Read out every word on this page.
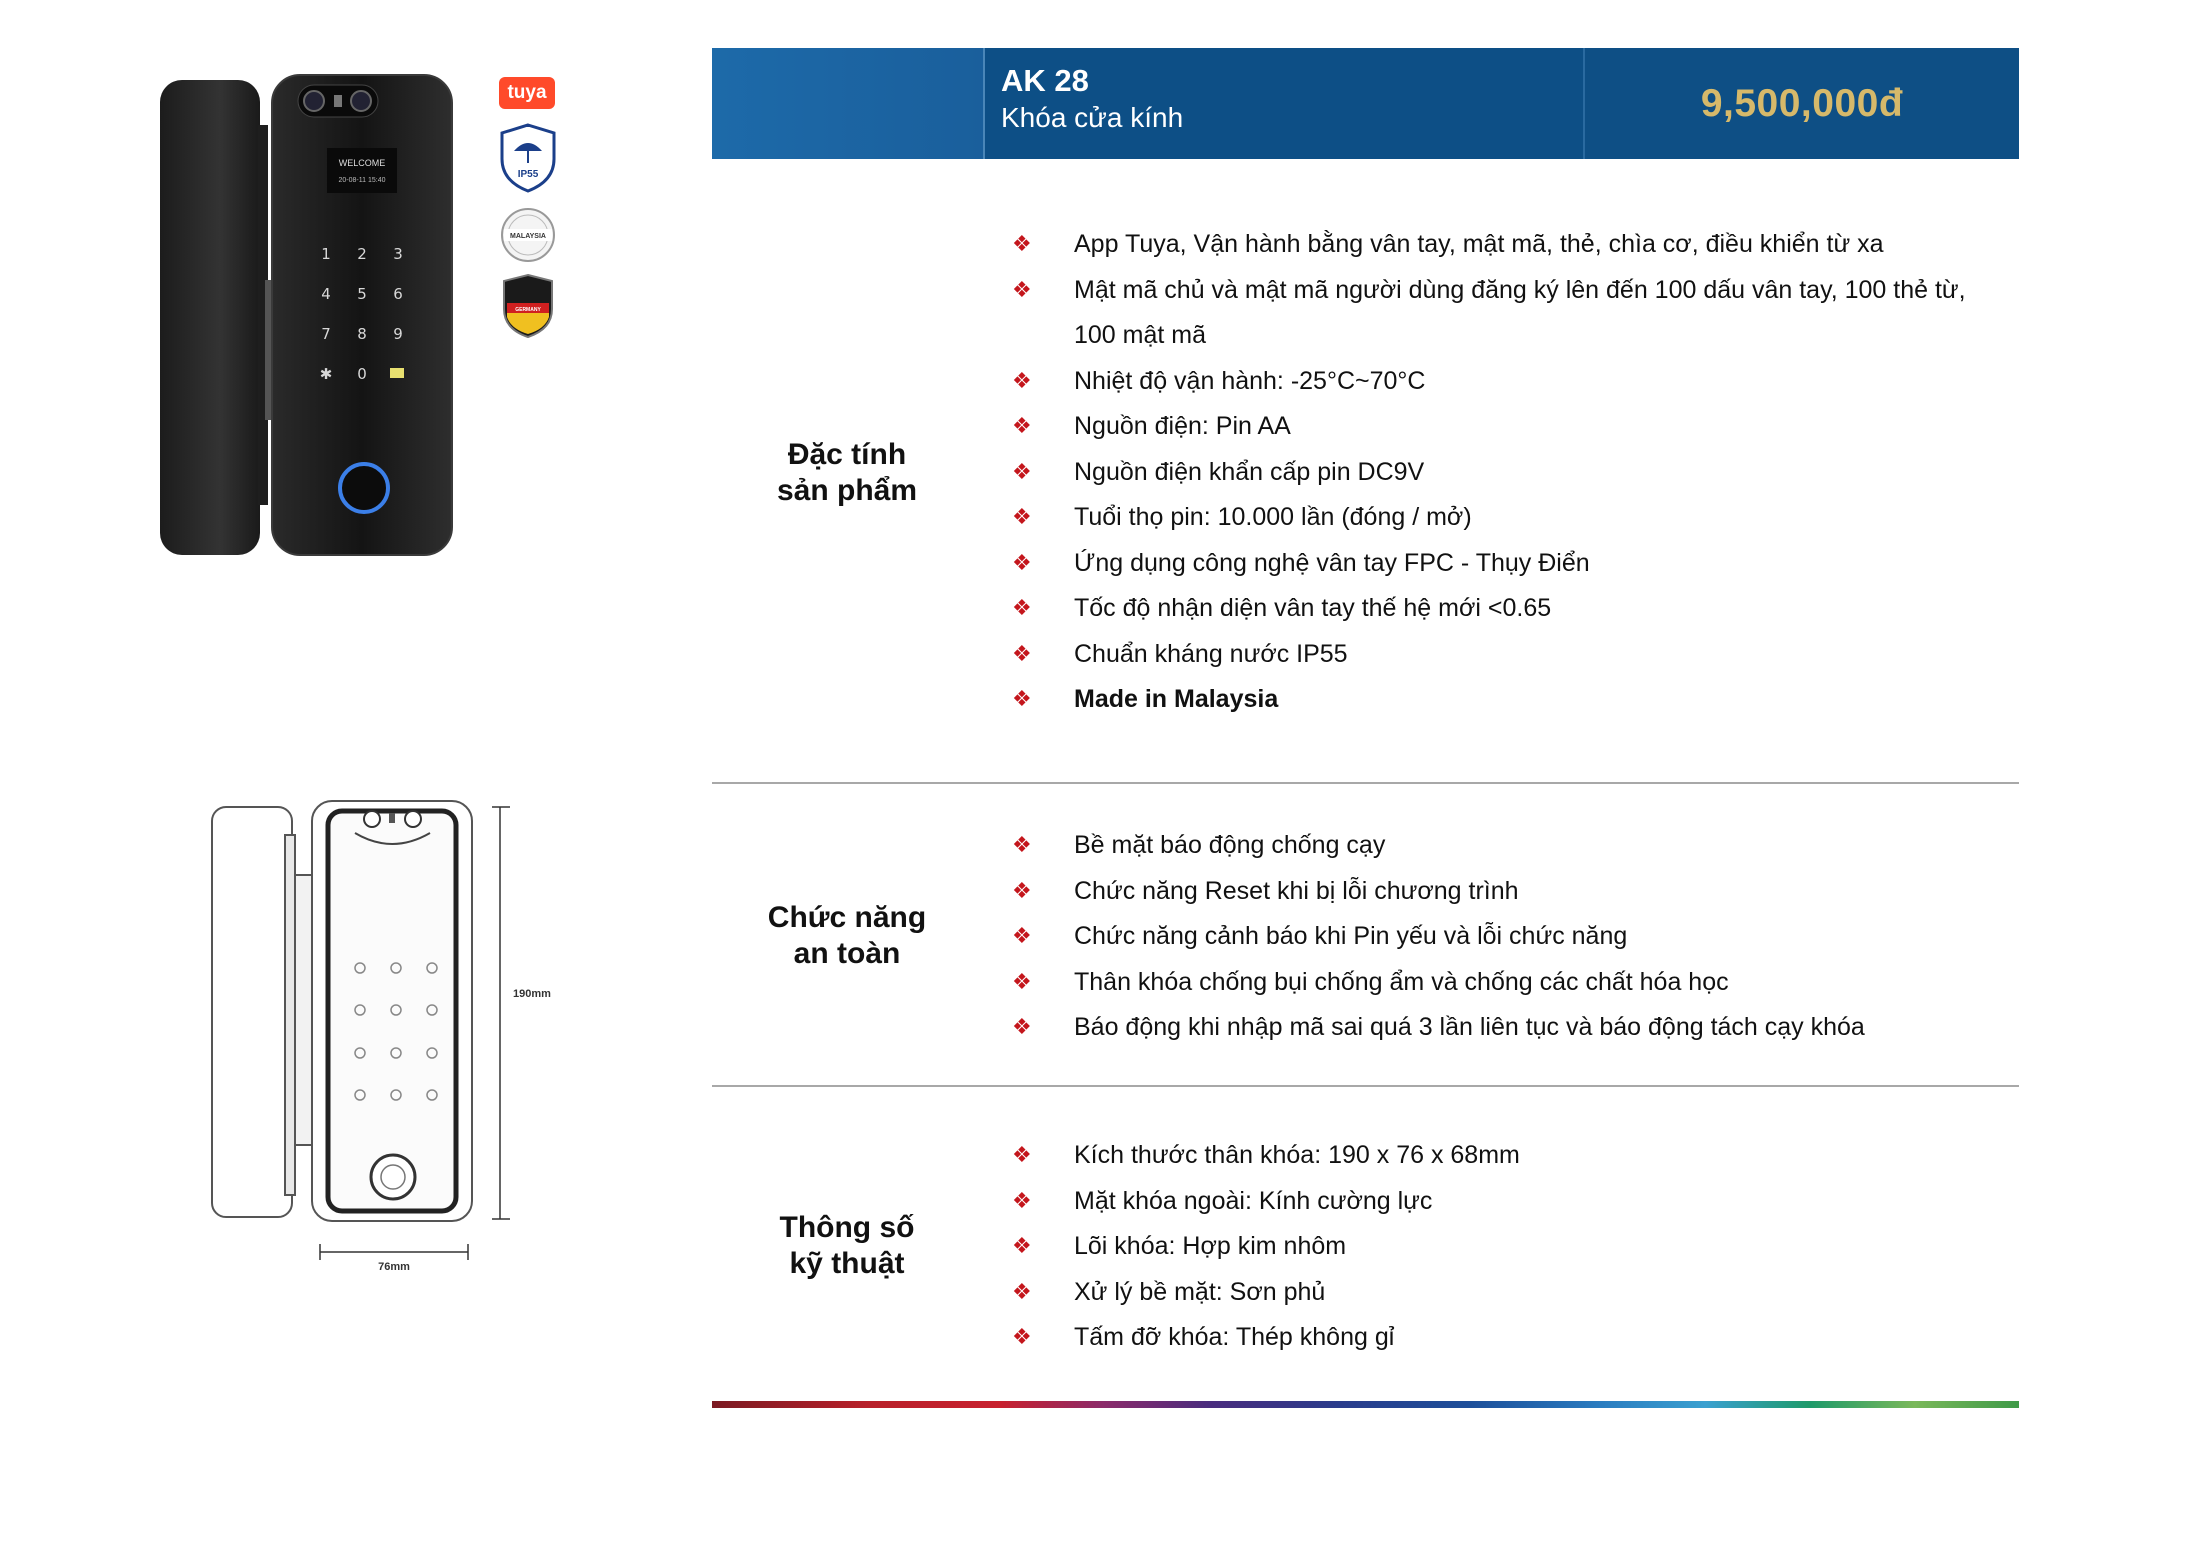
WELCOME
20-08-11 15:40
1 2 3
4 5 6
7 8 9
✱ 0
tuya
IP55
MALAYSIA
GERMANY
190mm
76mm
AK 28
Khóa cửa kính	9,500,000đ
Đặc tính
sản phẩm
❖ App Tuya, Vận hành bằng vân tay, mật mã, thẻ, chìa cơ, điều khiển từ xa
❖ Mật mã chủ và mật mã người dùng đăng ký lên đến 100 dấu vân tay, 100 thẻ từ, 100 mật mã
❖ Nhiệt độ vận hành: -25°C~70°C
❖ Nguồn điện: Pin AA
❖ Nguồn điện khẩn cấp pin DC9V
❖ Tuổi thọ pin: 10.000 lần (đóng / mở)
❖ Ứng dụng công nghệ vân tay FPC - Thụy Điển
❖ Tốc độ nhận diện vân tay thế hệ mới <0.65
❖ Chuẩn kháng nước IP55
❖ Made in Malaysia
Chức năng
an toàn
❖ Bề mặt báo động chống cạy
❖ Chức năng Reset khi bị lỗi chương trình
❖ Chức năng cảnh báo khi Pin yếu và lỗi chức năng
❖ Thân khóa chống bụi chống ẩm và chống các chất hóa học
❖ Báo động khi nhập mã sai quá 3 lần liên tục và báo động tách cạy khóa
Thông số
kỹ thuật
❖ Kích thước thân khóa: 190 x 76 x 68mm
❖ Mặt khóa ngoài: Kính cường lực
❖ Lõi khóa: Hợp kim nhôm
❖ Xử lý bề mặt: Sơn phủ
❖ Tấm đỡ khóa: Thép không gỉ
